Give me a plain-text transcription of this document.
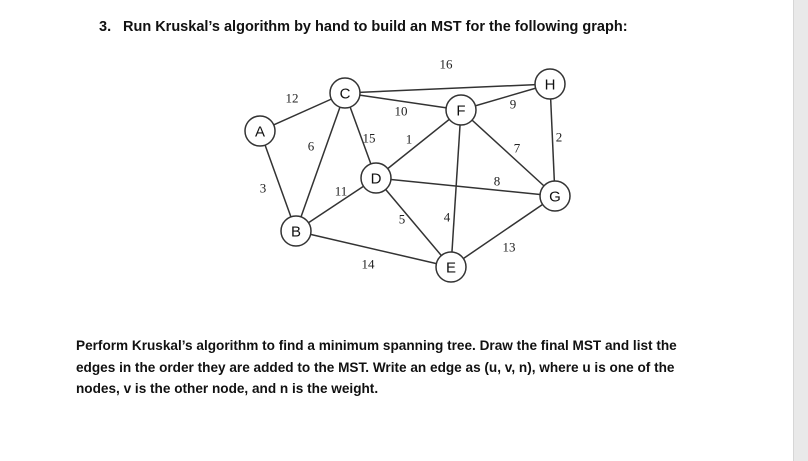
3. Run Kruskal’s algorithm by hand to build an MST for the following graph:
12
3
6
15
10
16
11
1
5
8
9
7
4
2
14
13
A
B
C
D
E
F
G
H
Perform Kruskal’s algorithm to find a minimum spanning tree. Draw the final MST and list the
edges in the order they are added to the MST. Write an edge as (u, v, n), where u is one of the
nodes, v is the other node, and n is the weight.
